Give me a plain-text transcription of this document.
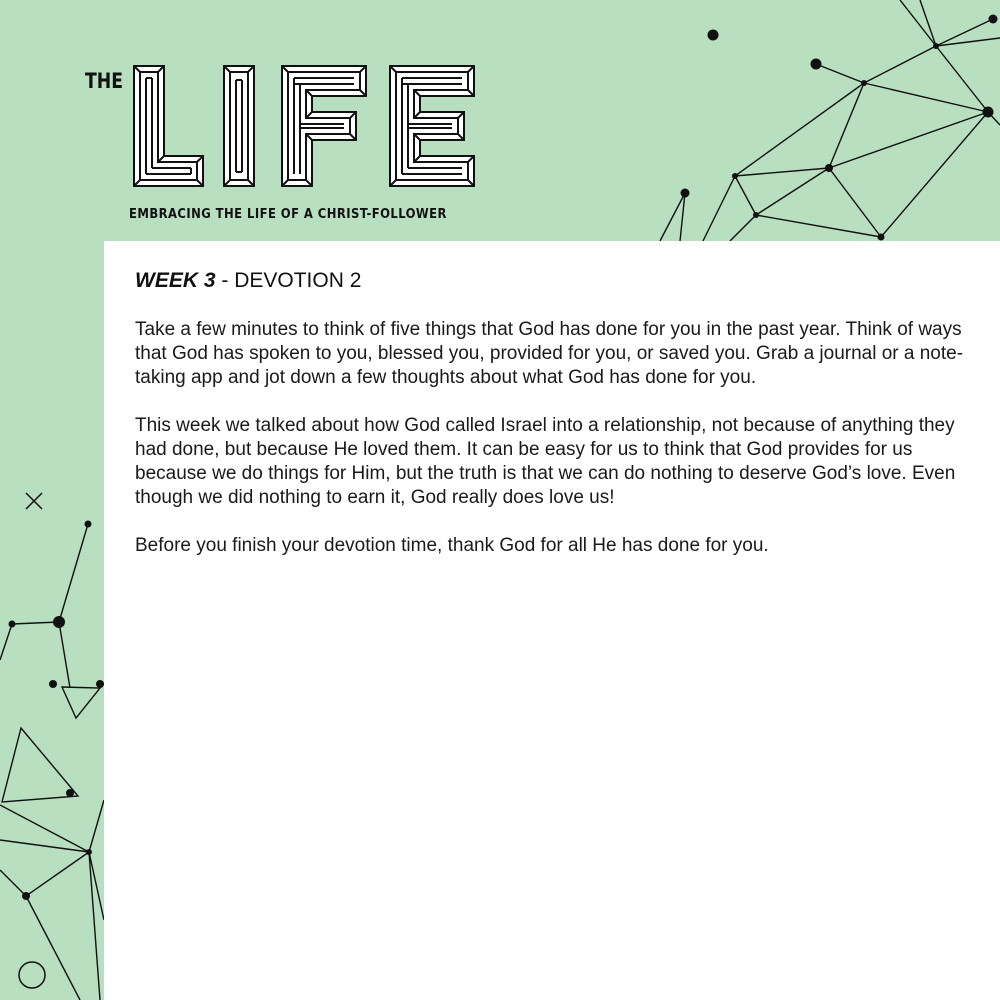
THE
LIFE
EMBRACING THE LIFE OF A CHRIST-FOLLOWER
WEEK 3 - DEVOTION 2

Take a few minutes to think of five things that God has done for you in the past year. Think of ways that God has spoken to you, blessed you, provided for you, or saved you. Grab a journal or a note-taking app and jot down a few thoughts about what God has done for you.

This week we talked about how God called Israel into a relationship, not because of anything they had done, but because He loved them. It can be easy for us to think that God provides for us because we do things for Him, but the truth is that we can do nothing to deserve God’s love. Even though we did nothing to earn it, God really does love us!

Before you finish your devotion time, thank God for all He has done for you.
